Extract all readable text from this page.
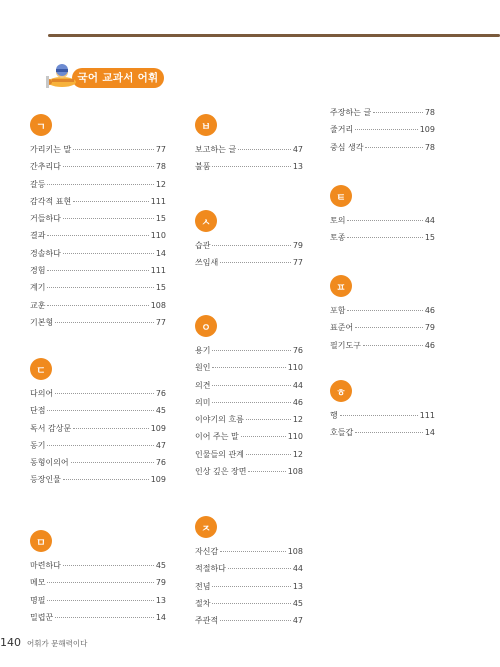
국어 교과서 어휘
ㄱ
가리키는 말	77
간추리다	78
갈등	12
감각적 표현	111
거들하다	15
결과	110
경솔하다	14
경험	111
계기	15
교훈	108
기본형	77
ㄷ
다의어	76
단점	45
독서 감상문	109
동기	47
동형이의어	76
등장인물	109
ㅁ
마련하다	45
메모	79
명필	13
밀렵꾼	14
ㅂ
보고하는 글	47
불품	13
ㅅ
습관	79
쓰임새	77
ㅇ
용기	76
원인	110
의견	44
의미	46
이야기의 흐름	12
이어 주는 말	110
인물들의 관계	12
인상 깊은 장면	108
ㅈ
자신감	108
적절하다	44
전념	13
절차	45
주관적	47
주장하는 글	78
줄거리	109
중심 생각	78
ㅌ
토의	44
토종	15
ㅍ
포함	46
표준어	79
필기도구	46
ㅎ
행	111
호들갑	14
140 어휘가 문해력이다
